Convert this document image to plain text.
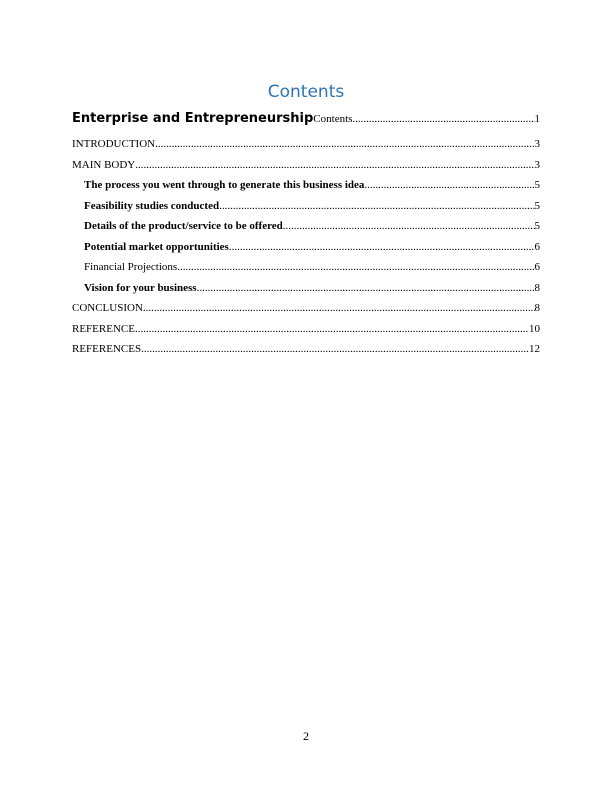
Contents
Enterprise and EntrepreneurshipContents .....	1
INTRODUCTION .....	3
MAIN BODY .....	3
The process you went through to generate this business idea .....	5
Feasibility studies conducted .....	5
Details of the product/service to be offered .....	5
Potential market opportunities .....	6
Financial Projections .....	6
Vision for your business .....	8
CONCLUSION .....	8
REFERENCE .....	10
REFERENCES .....	12
2
